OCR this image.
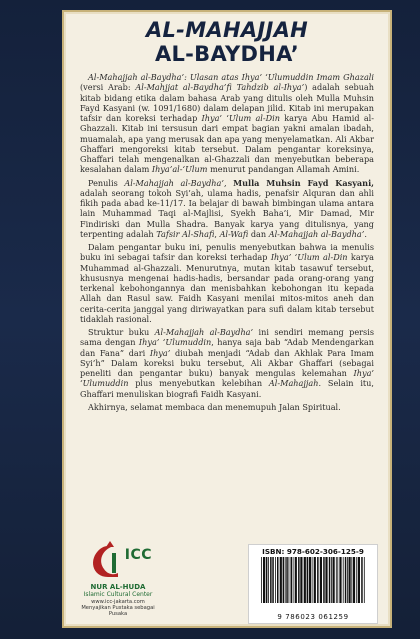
AL-MAHAJJAH
AL-BAYDHA’

Al-Mahajjah al-Baydha’: Ulasan atas Ihya’ ‘Ulumuddin Imam Ghazali (versi Arab: Al-Mahjjat al-Baydha’fi Tahdzib al-Ihya’) adalah sebuah kitab bidang etika dalam bahasa Arab yang ditulis oleh Mulla Muhsin Fayd Kasyani (w. 1091/1680) dalam delapan jilid. Kitab ini merupakan tafsir dan koreksi terhadap Ihya’ ‘Ulum al-Din karya Abu Hamid al-Ghazzali. Kitab ini tersusun dari empat bagian yakni amalan ibadah, muamalah, apa yang merusak dan apa yang menyelamatkan. Ali Akbar Ghaffari mengoreksi kitab tersebut. Dalam pengantar koreksinya, Ghaffari telah mengenalkan al-Ghazzali dan menyebutkan beberapa kesalahan dalam Ihya’al-‘Ulum menurut pandangan Allamah Amini.

Penulis Al-Mahajjah al-Baydha’, Mulla Muhsin Fayd Kasyani, adalah seorang tokoh Syi’ah, ulama hadis, penafsir Alquran dan ahli fikih pada abad ke-11/17. Ia belajar di bawah bimbingan ulama antara lain Muhammad Taqi al-Majlisi, Syekh Baha’i, Mir Damad, Mir Findiriski dan Mulla Shadra. Banyak karya yang ditulisnya, yang terpenting adalah Tafsir Al-Shafi, Al-Wafi dan Al-Mahajjah al-Baydha’.

Dalam pengantar buku ini, penulis menyebutkan bahwa ia menulis buku ini sebagai tafsir dan koreksi terhadap Ihya’ ‘Ulum al-Din karya Muhammad al-Ghazzali. Menurutnya, mutan kitab tasawuf tersebut, khususnya mengenai hadis-hadis, bersandar pada orang-orang yang terkenal kebohongannya dan menisbahkan kebohongan itu kepada Allah dan Rasul saw. Faidh Kasyani menilai mitos-mitos aneh dan cerita-cerita janggal yang diriwayatkan para sufi dalam kitab tersebut tidaklah rasional.

Struktur buku Al-Mahajjah al-Baydha’ ini sendiri memang persis sama dengan Ihya’ ‘Ulumuddin, hanya saja bab “Adab Mendengarkan dan Fana” dari Ihya’ diubah menjadi “Adab dan Akhlak Para Imam Syi’h” Dalam koreksi buku tersebut, Ali Akbar Ghaffari (sebagai peneliti dan pengantar buku) banyak mengulas kelemahan Ihya’ ‘Ulumuddin plus menyebutkan kelebihan Al-Mahajjah. Selain itu, Ghaffari menuliskan biografi Faidh Kasyani.

Akhirnya, selamat membaca dan menemupuh Jalan Spiritual.

ICC
NUR AL-HUDA
Islamic Cultural Center
www.icc-jakarta.com
Menyajikan Pustaka sebagai Pusaka
ISBN: 978-602-306-125-9
9 786023 061259
